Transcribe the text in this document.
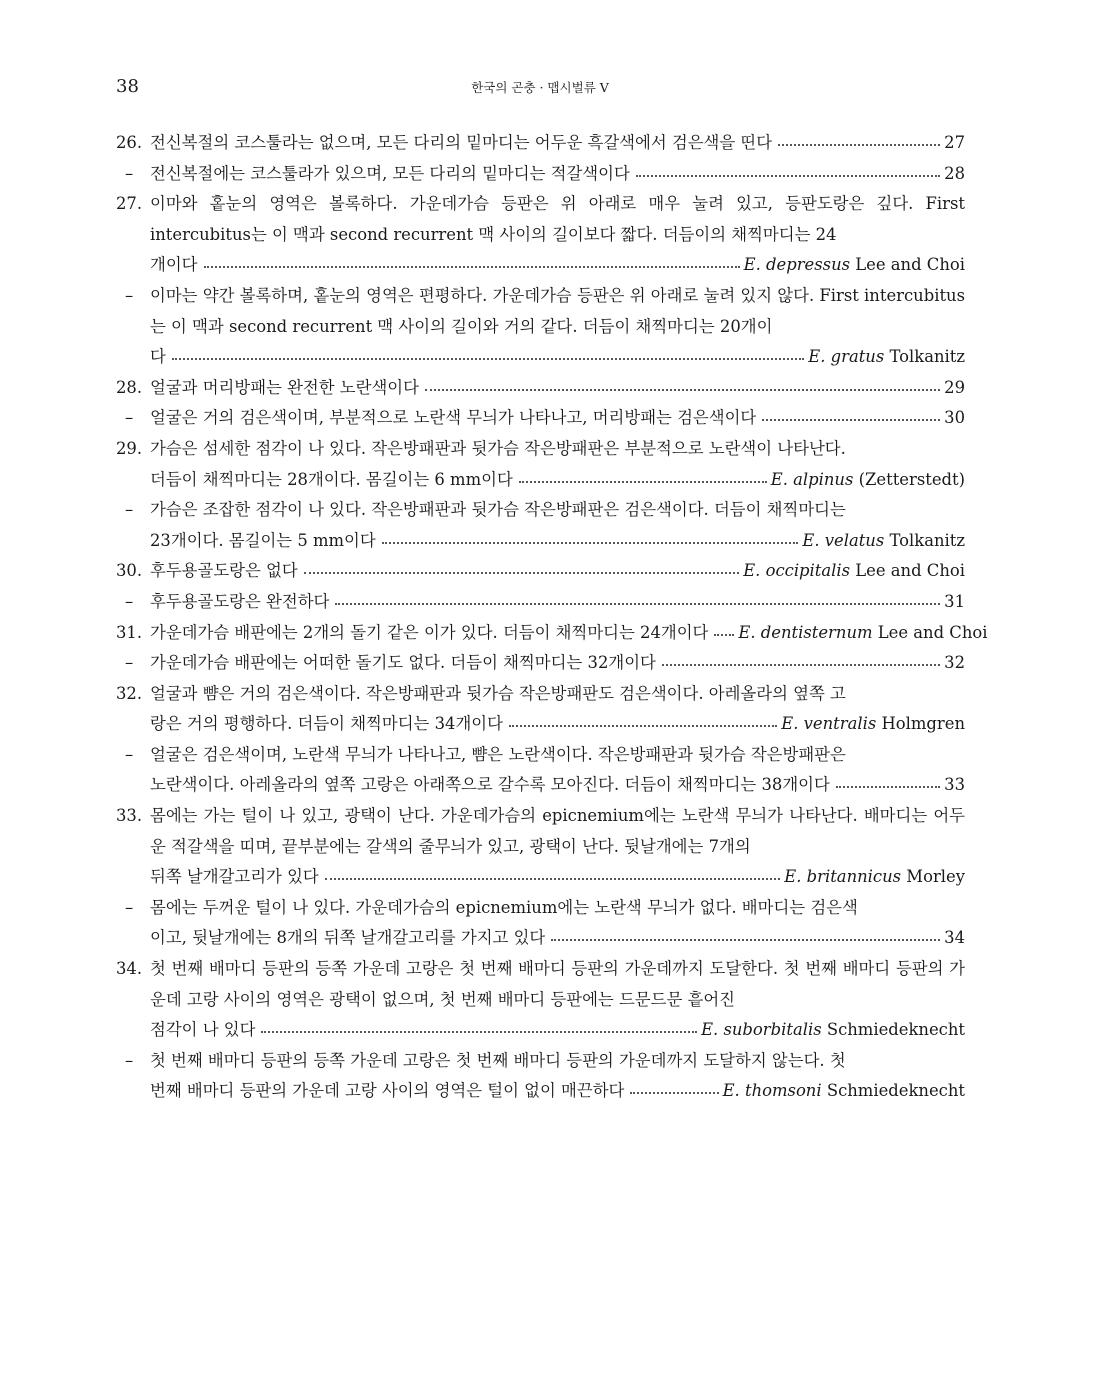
38	한국의 곤충 · 맵시벌류 V
26. 전신복절의 코스툴라는 없으며, 모든 다리의 밑마디는 어두운 흑갈색에서 검은색을 띤다	27
– 전신복절에는 코스툴라가 있으며, 모든 다리의 밑마디는 적갈색이다	28
27. 이마와 홑눈의 영역은 볼록하다. 가운데가슴 등판은 위 아래로 매우 눌려 있고, 등판도랑은 깊다. First intercubitus는 이 맥과 second recurrent 맥 사이의 길이보다 짧다. 더듬이의 채찍마디는 24
개이다	E. depressus Lee and Choi
– 이마는 약간 볼록하며, 홑눈의 영역은 편평하다. 가운데가슴 등판은 위 아래로 눌려 있지 않다. First intercubitus는 이 맥과 second recurrent 맥 사이의 길이와 거의 같다. 더듬이 채찍마디는 20개이
다	E. gratus Tolkanitz
28. 얼굴과 머리방패는 완전한 노란색이다	29
– 얼굴은 거의 검은색이며, 부분적으로 노란색 무늬가 나타나고, 머리방패는 검은색이다	30
29. 가슴은 섬세한 점각이 나 있다. 작은방패판과 뒷가슴 작은방패판은 부분적으로 노란색이 나타난다.
더듬이 채찍마디는 28개이다. 몸길이는 6 mm이다	E. alpinus (Zetterstedt)
– 가슴은 조잡한 점각이 나 있다. 작은방패판과 뒷가슴 작은방패판은 검은색이다. 더듬이 채찍마디는
23개이다. 몸길이는 5 mm이다	E. velatus Tolkanitz
30. 후두용골도랑은 없다	E. occipitalis Lee and Choi
– 후두용골도랑은 완전하다	31
31. 가운데가슴 배판에는 2개의 돌기 같은 이가 있다. 더듬이 채찍마디는 24개이다 E. dentisternum Lee and Choi
– 가운데가슴 배판에는 어떠한 돌기도 없다. 더듬이 채찍마디는 32개이다	32
32. 얼굴과 뺨은 거의 검은색이다. 작은방패판과 뒷가슴 작은방패판도 검은색이다. 아레올라의 옆쪽 고
랑은 거의 평행하다. 더듬이 채찍마디는 34개이다	E. ventralis Holmgren
– 얼굴은 검은색이며, 노란색 무늬가 나타나고, 뺨은 노란색이다. 작은방패판과 뒷가슴 작은방패판은
노란색이다. 아레올라의 옆쪽 고랑은 아래쪽으로 갈수록 모아진다. 더듬이 채찍마디는 38개이다	33
33. 몸에는 가는 털이 나 있고, 광택이 난다. 가운데가슴의 epicnemium에는 노란색 무늬가 나타난다. 배마디는 어두운 적갈색을 띠며, 끝부분에는 갈색의 줄무늬가 있고, 광택이 난다. 뒷날개에는 7개의
뒤쪽 날개갈고리가 있다	E. britannicus Morley
– 몸에는 두꺼운 털이 나 있다. 가운데가슴의 epicnemium에는 노란색 무늬가 없다. 배마디는 검은색
이고, 뒷날개에는 8개의 뒤쪽 날개갈고리를 가지고 있다	34
34. 첫 번째 배마디 등판의 등쪽 가운데 고랑은 첫 번째 배마디 등판의 가운데까지 도달한다. 첫 번째 배마디 등판의 가운데 고랑 사이의 영역은 광택이 없으며, 첫 번째 배마디 등판에는 드문드문 흩어진
점각이 나 있다	E. suborbitalis Schmiedeknecht
– 첫 번째 배마디 등판의 등쪽 가운데 고랑은 첫 번째 배마디 등판의 가운데까지 도달하지 않는다. 첫
번째 배마디 등판의 가운데 고랑 사이의 영역은 털이 없이 매끈하다	E. thomsoni Schmiedeknecht
